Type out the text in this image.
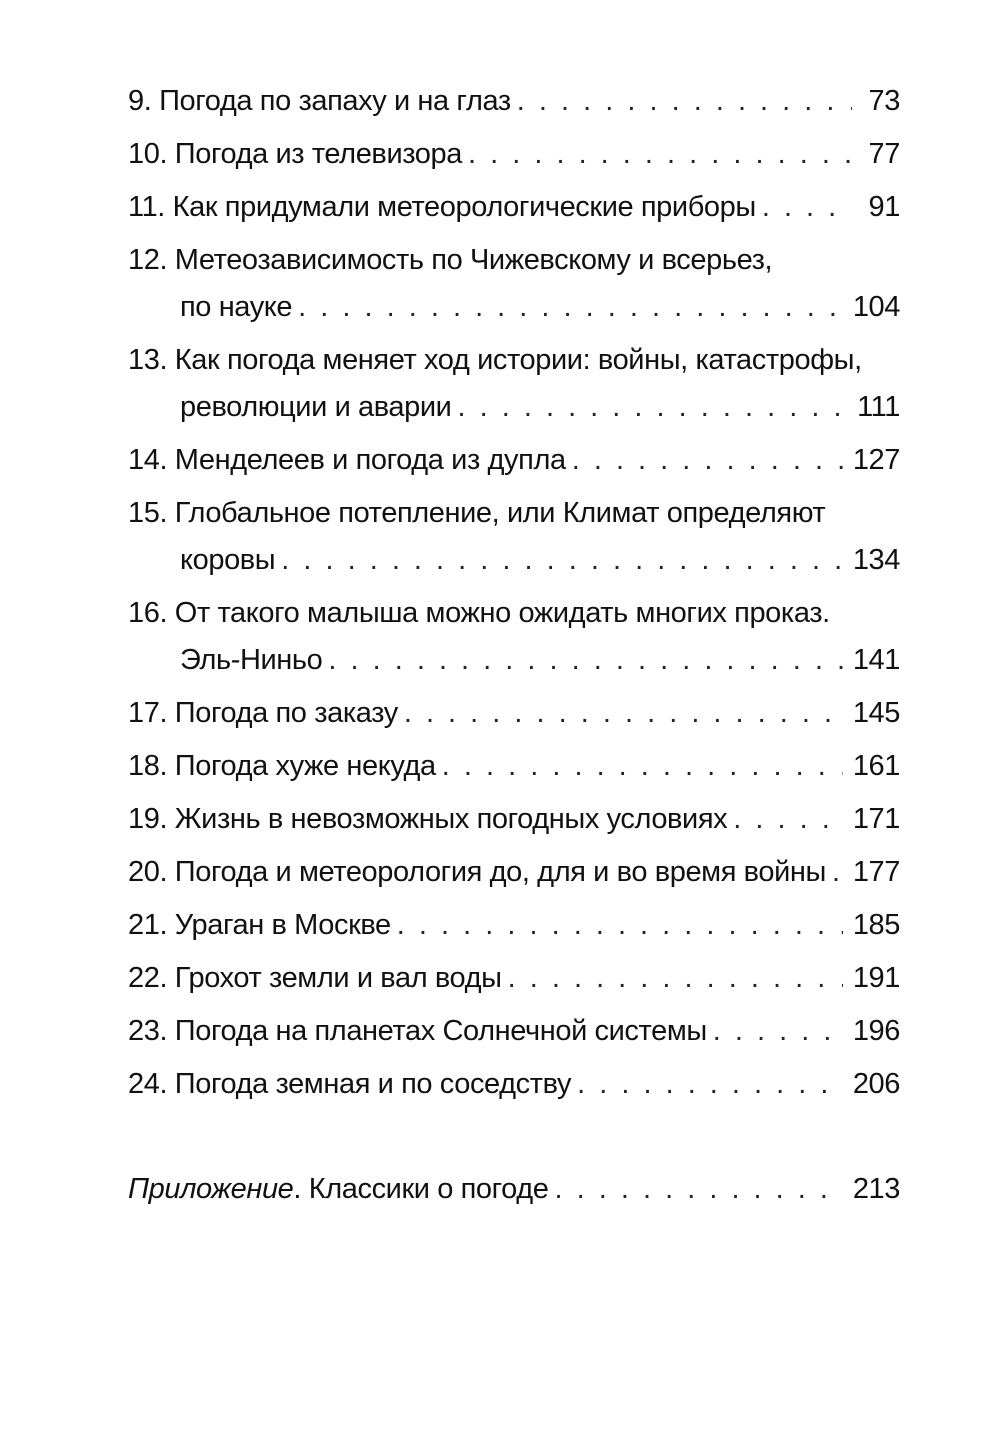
9. Погода по запаху и на глаз . . .	73
10. Погода из телевизора . . .	77
11. Как придумали метеорологические приборы . . .	91
12. Метеозависимость по Чижевскому и всерьез,
по науке . . .	104
13. Как погода меняет ход истории: войны, катастрофы,
революции и аварии . . .	111
14. Менделеев и погода из дупла . . .	127
15. Глобальное потепление, или Климат определяют
коровы . . .	134
16. От такого малыша можно ожидать многих проказ.
Эль-Ниньо . . .	141
17. Погода по заказу . . .	145
18. Погода хуже некуда . . .	161
19. Жизнь в невозможных погодных условиях . . .	171
20. Погода и метеорология до, для и во время войны . . . 177
21. Ураган в Москве . . .	185
22. Грохот земли и вал воды . . .	191
23. Погода на планетах Солнечной системы . . .	196
24. Погода земная и по соседству . . .	206
Приложение. Классики о погоде . . .	213
